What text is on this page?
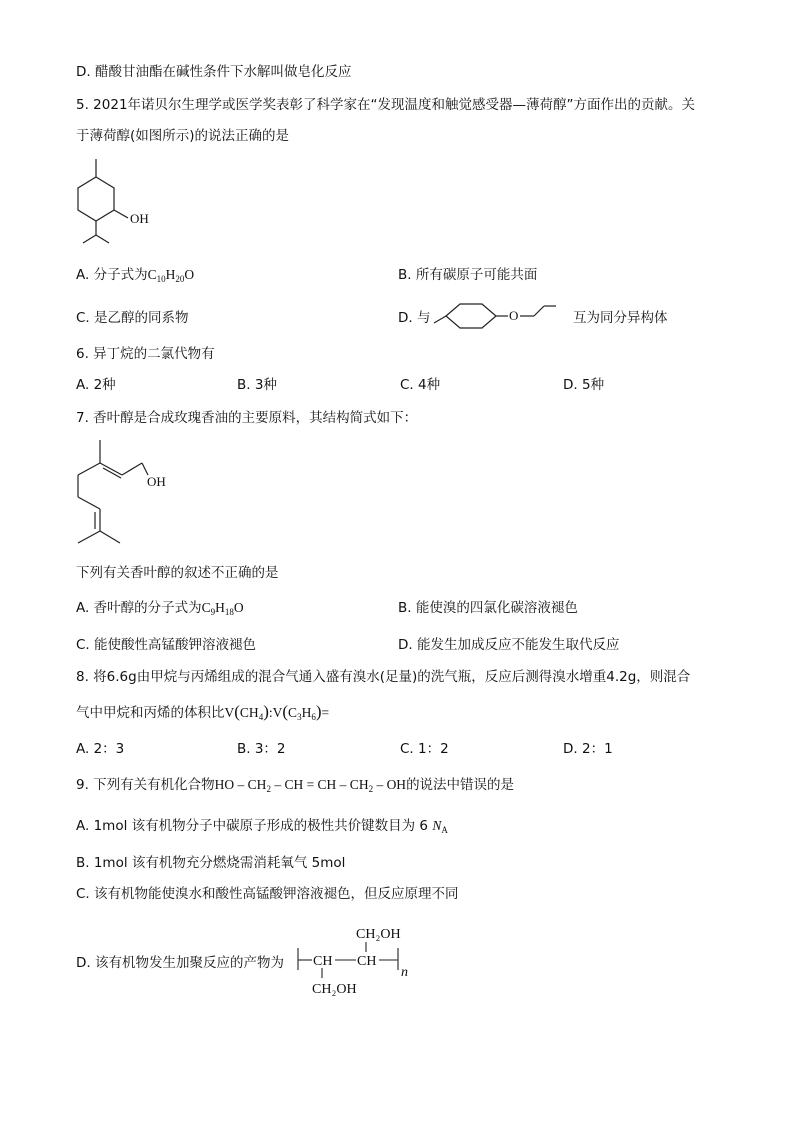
D. 醋酸甘油酯在碱性条件下水解叫做皂化反应
5. 2021年诺贝尔生理学或医学奖表彰了科学家在“发现温度和触觉感受器—薄荷醇”方面作出的贡献。关
于薄荷醇(如图所示)的说法正确的是
OH
A. 分子式为$C_{10}H_{20}O$	B. 所有碳原子可能共面
C. 是乙醇的同系物	D. 与	O	互为同分异构体
6. 异丁烷的二氯代物有
A. 2种	B. 3种	C. 4种	D. 5种
7. 香叶醇是合成玫瑰香油的主要原料，其结构简式如下：
OH
下列有关香叶醇的叙述不正确的是
A. 香叶醇的分子式为$C_9H_{18}O$	B. 能使溴的四氯化碳溶液褪色
C. 能使酸性高锰酸钾溶液褪色	D. 能发生加成反应不能发生取代反应
8. 将6.6g由甲烷与丙烯组成的混合气通入盛有溴水(足量)的洗气瓶，反应后测得溴水增重4.2g，则混合
气中甲烷和丙烯的体积比$V(CH_4):V(C_3H_6)=$
A. 2：3	B. 3：2	C. 1：2	D. 2：1
9. 下列有关有机化合物HO – $CH_2$ – CH = CH – $CH_2$ – OH的说法中错误的是
A. 1mol 该有机物分子中碳原子形成的极性共价键数目为 6 $N_A$
B. 1mol 该有机物充分燃烧需消耗氧气 5mol
C. 该有机物能使溴水和酸性高锰酸钾溶液褪色，但反应原理不同
D. 该有机物发生加聚反应的产物为
CH₂OH
CH CH
n
CH₂OH
